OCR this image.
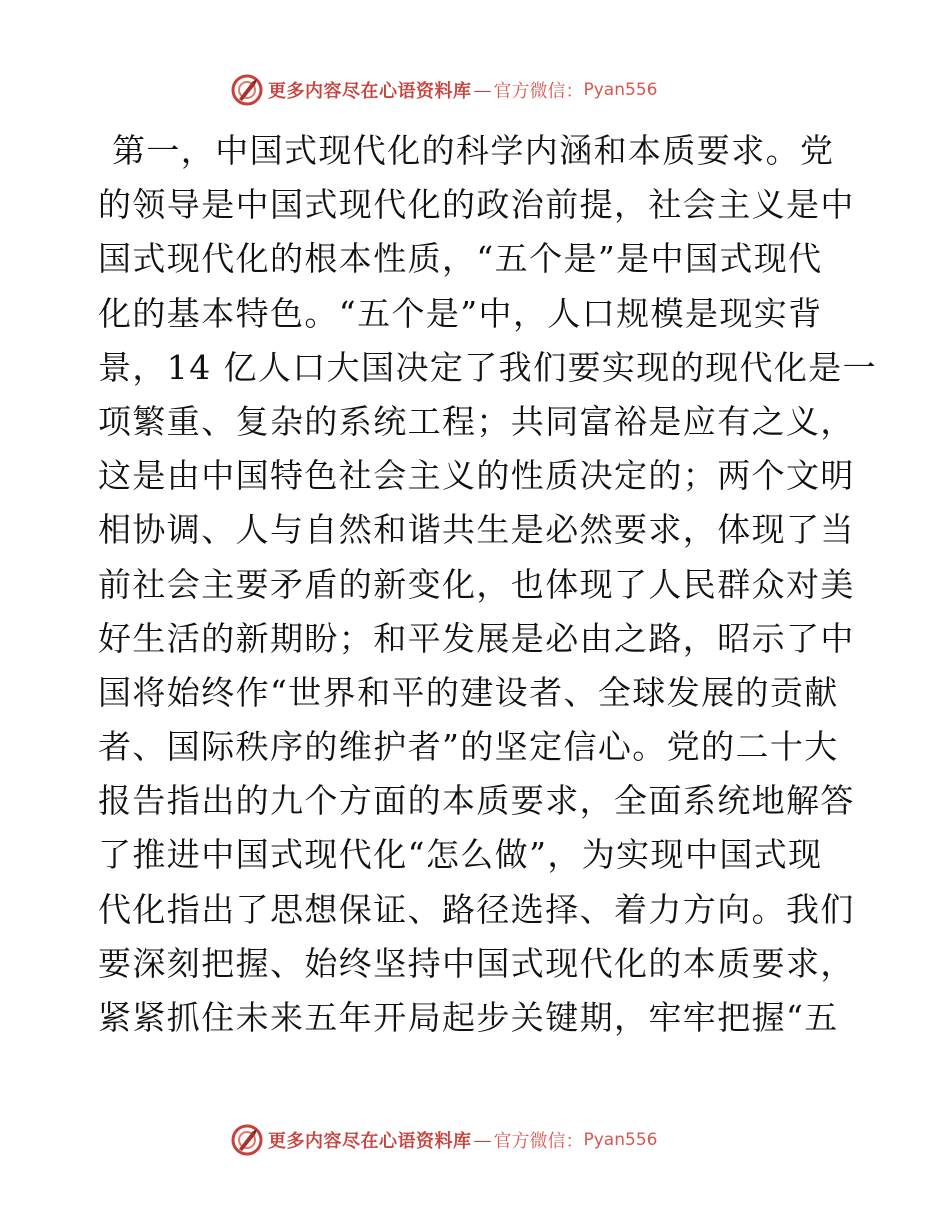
更多内容尽在心语资料库 — 官方微信： Pyan556
第一，中国式现代化的科学内涵和本质要求。党
的领导是中国式现代化的政治前提，社会主义是中
国式现代化的根本性质，“五个是”是中国式现代
化的基本特色。“五个是”中，人口规模是现实背
景，14 亿人口大国决定了我们要实现的现代化是一
项繁重、复杂的系统工程；共同富裕是应有之义，
这是由中国特色社会主义的性质决定的；两个文明
相协调、人与自然和谐共生是必然要求，体现了当
前社会主要矛盾的新变化，也体现了人民群众对美
好生活的新期盼；和平发展是必由之路，昭示了中
国将始终作“世界和平的建设者、全球发展的贡献
者、国际秩序的维护者”的坚定信心。党的二十大
报告指出的九个方面的本质要求，全面系统地解答
了推进中国式现代化“怎么做”，为实现中国式现
代化指出了思想保证、路径选择、着力方向。我们
要深刻把握、始终坚持中国式现代化的本质要求，
紧紧抓住未来五年开局起步关键期，牢牢把握“五
更多内容尽在心语资料库 — 官方微信： Pyan556
